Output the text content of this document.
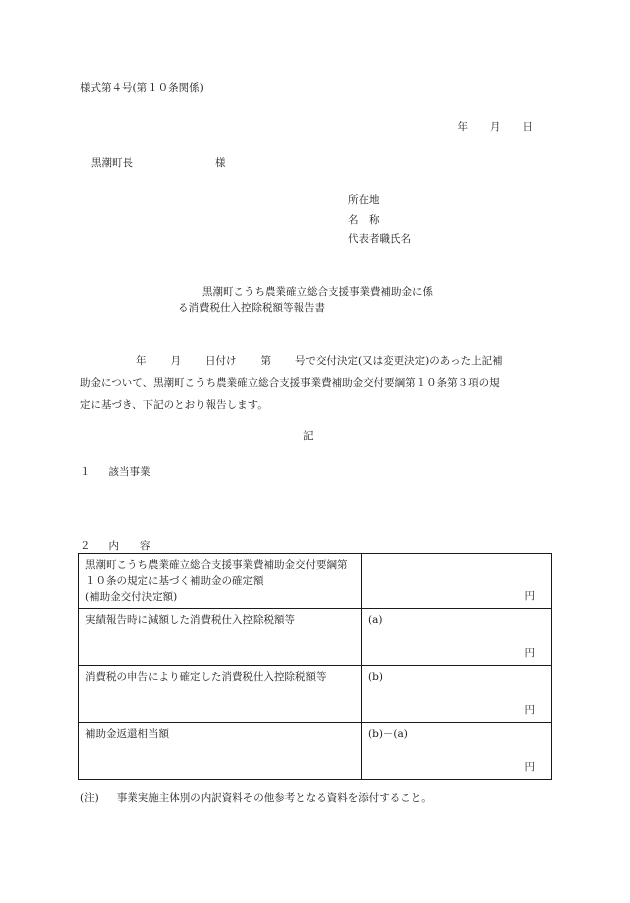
様式第４号(第１０条関係)
年 月 日
黒潮町長	様
所在地
名　称
代表者職氏名
黒潮町こうち農業確立総合支援事業費補助金に係
る消費税仕入控除税額等報告書
年 月 日付け 第 号で交付決定(又は変更決定)のあった上記補
助金について、黒潮町こうち農業確立総合支援事業費補助金交付要綱第１０条第３項の規
定に基づき、下記のとおり報告します。
記
１ 該当事業
２ 内　　容
黒潮町こうち農業確立総合支援事業費補助金交付要綱第１０条の規定に基づく補助金の確定額
(補助金交付決定額)	円

実績報告時に減額した消費税仕入控除税額等	(a)
円

消費税の申告により確定した消費税仕入控除税額等	(b)
円

補助金返還相当額	(b)－(a)
円
(注) 事業実施主体別の内訳資料その他参考となる資料を添付すること。
